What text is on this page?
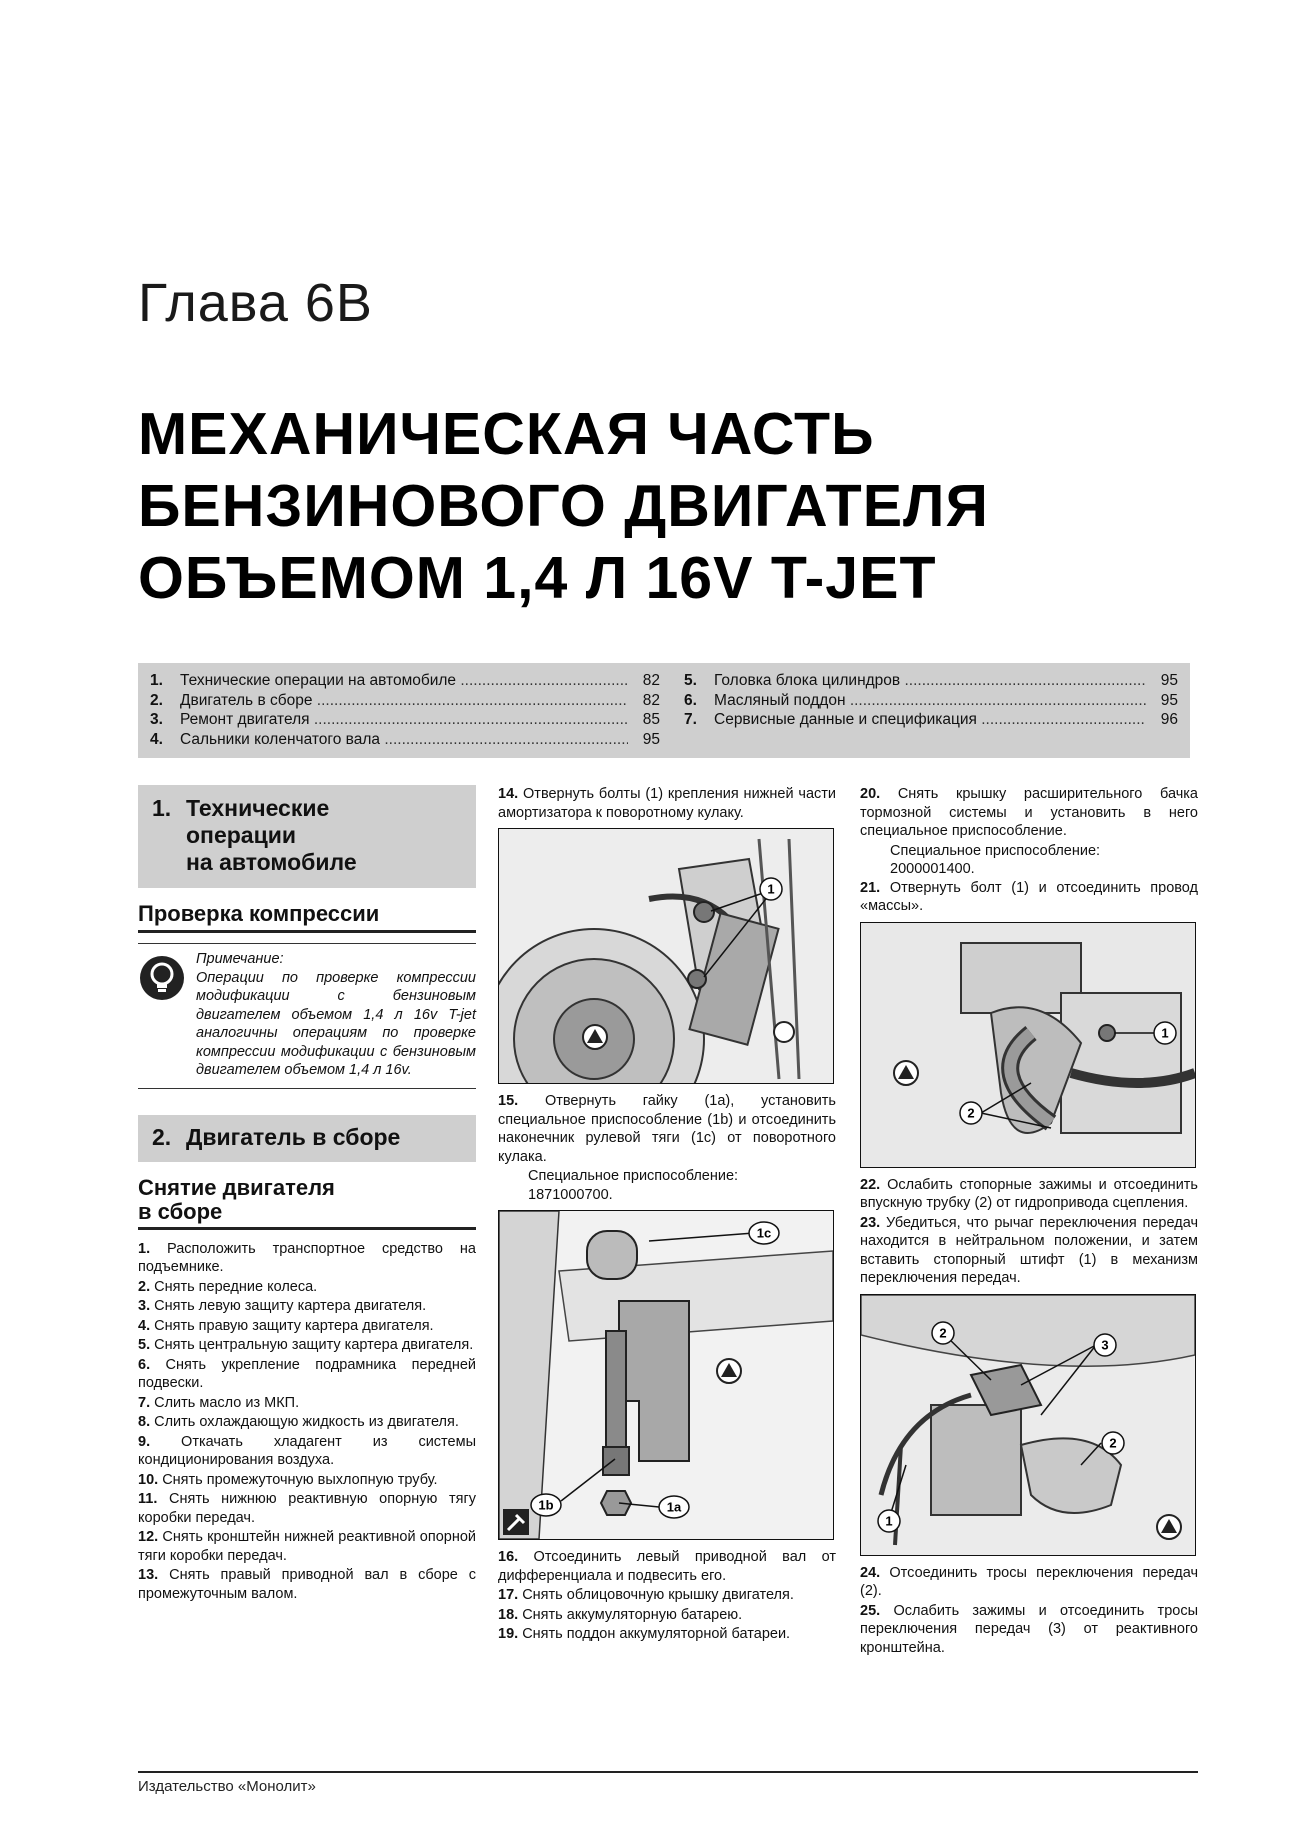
Глава 6В
МЕХАНИЧЕСКАЯ ЧАСТЬ
БЕНЗИНОВОГО ДВИГАТЕЛЯ
ОБЪЕМОМ 1,4 Л 16V T-JET
1.	Технические операции на автомобиле .....	82
2.	Двигатель в сборе .....	82
3.	Ремонт двигателя .....	85
4.	Сальники коленчатого вала .....	95
5.	Головка блока цилиндров .....	95
6.	Масляный поддон .....	95
7.	Сервисные данные и спецификация .....	96
1. Технические
операции
на автомобиле
Проверка компрессии
Примечание:
Операции по проверке компрессии модификации с бензиновым двигателем объемом 1,4 л 16v T-jet аналогичны операциям по проверке компрессии модификации с бензиновым двигателем объемом 1,4 л 16v.
2. Двигатель в сборе
Снятие двигателя
в сборе
1. Расположить транспортное средство на подъемнике.
2. Снять передние колеса.
3. Снять левую защиту картера двигателя.
4. Снять правую защиту картера двигателя.
5. Снять центральную защиту картера двигателя.
6. Снять укрепление подрамника передней подвески.
7. Слить масло из МКП.
8. Слить охлаждающую жидкость из двигателя.
9. Откачать хладагент из системы кондиционирования воздуха.
10. Снять промежуточную выхлопную трубу.
11. Снять нижнюю реактивную опорную тягу коробки передач.
12. Снять кронштейн нижней реактивной опорной тяги коробки передач.
13. Снять правый приводной вал в сборе с промежуточным валом.
14. Отвернуть болты (1) крепления нижней части амортизатора к поворотному кулаку.
1
15. Отвернуть гайку (1а), установить специальное приспособление (1b) и отсоединить наконечник рулевой тяги (1с) от поворотного кулака.
Специальное приспособление:
1871000700.
1c
1b	1a
16. Отсоединить левый приводной вал от дифференциала и подвесить его.
17. Снять облицовочную крышку двигателя.
18. Снять аккумуляторную батарею.
19. Снять поддон аккумуляторной батареи.
20. Снять крышку расширительного бачка тормозной системы и установить в него специальное приспособление.
Специальное приспособление:
2000001400.
21. Отвернуть болт (1) и отсоединить провод «массы».
1
2
22. Ослабить стопорные зажимы и отсоединить впускную трубку (2) от гидропривода сцепления.
23. Убедиться, что рычаг переключения передач находится в нейтральном положении, и затем вставить стопорный штифт (1) в механизм переключения передач.
2
3
1
2
24. Отсоединить тросы переключения передач (2).
25. Ослабить зажимы и отсоединить тросы переключения передач (3) от реактивного кронштейна.
Издательство «Монолит»
